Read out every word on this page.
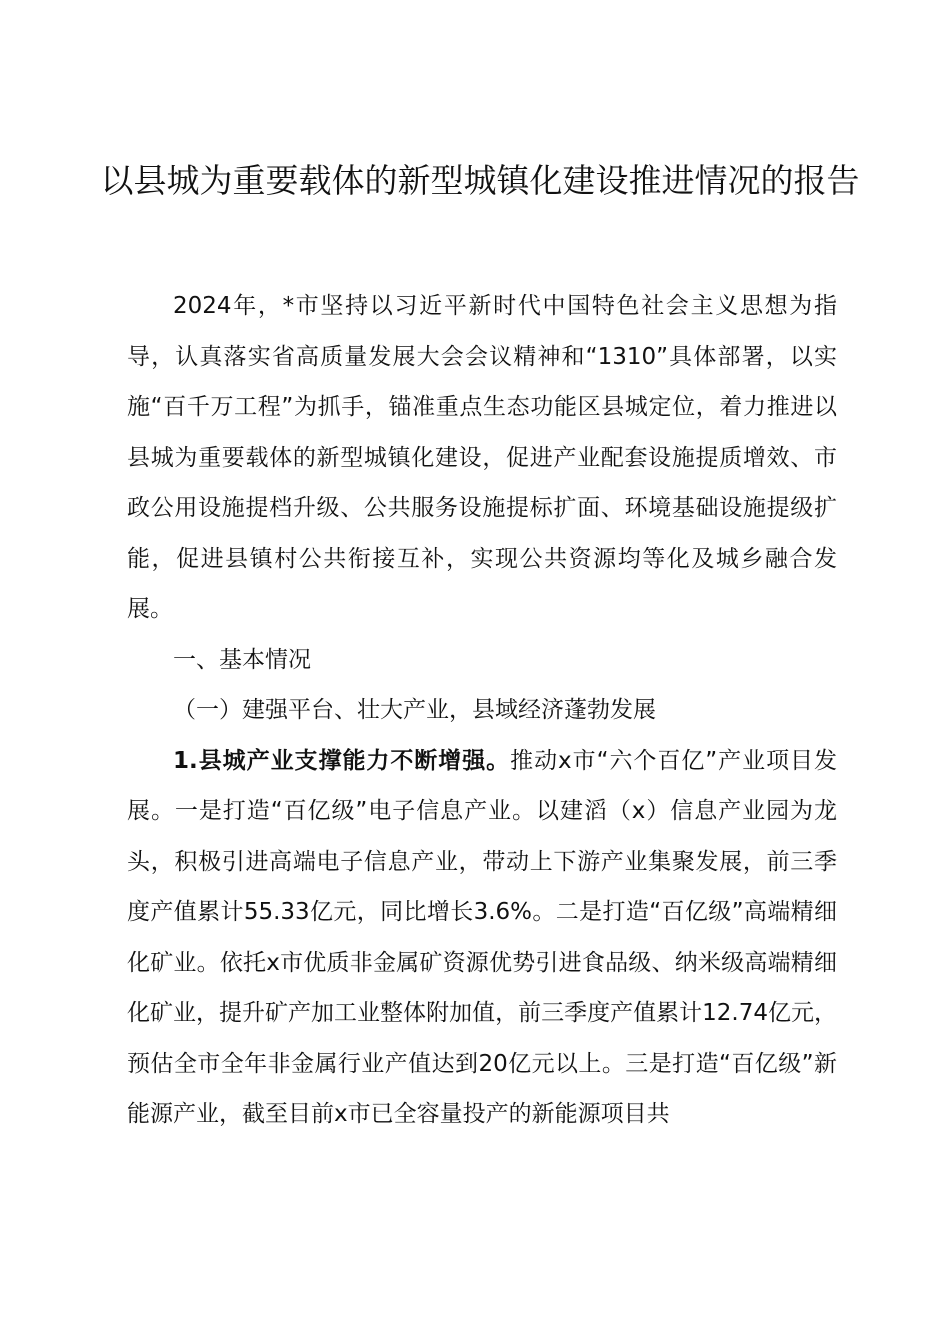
以县城为重要载体的新型城镇化建设推进情况的报告

2024年，*市坚持以习近平新时代中国特色社会主义思想为指导，认真落实省高质量发展大会会议精神和“1310”具体部署，以实施“百千万工程”为抓手，锚准重点生态功能区县城定位，着力推进以县城为重要载体的新型城镇化建设，促进产业配套设施提质增效、市政公用设施提档升级、公共服务设施提标扩面、环境基础设施提级扩能，促进县镇村公共衔接互补，实现公共资源均等化及城乡融合发展。

一、基本情况

（一）建强平台、壮大产业，县域经济蓬勃发展

1.县城产业支撑能力不断增强。推动x市“六个百亿”产业项目发展。一是打造“百亿级”电子信息产业。以建滔（x）信息产业园为龙头，积极引进高端电子信息产业，带动上下游产业集聚发展，前三季度产值累计55.33亿元，同比增长3.6%。二是打造“百亿级”高端精细化矿业。依托x市优质非金属矿资源优势引进食品级、纳米级高端精细化矿业，提升矿产加工业整体附加值，前三季度产值累计12.74亿元，预估全市全年非金属行业产值达到20亿元以上。三是打造“百亿级”新能源产业，截至目前x市已全容量投产的新能源项目共
